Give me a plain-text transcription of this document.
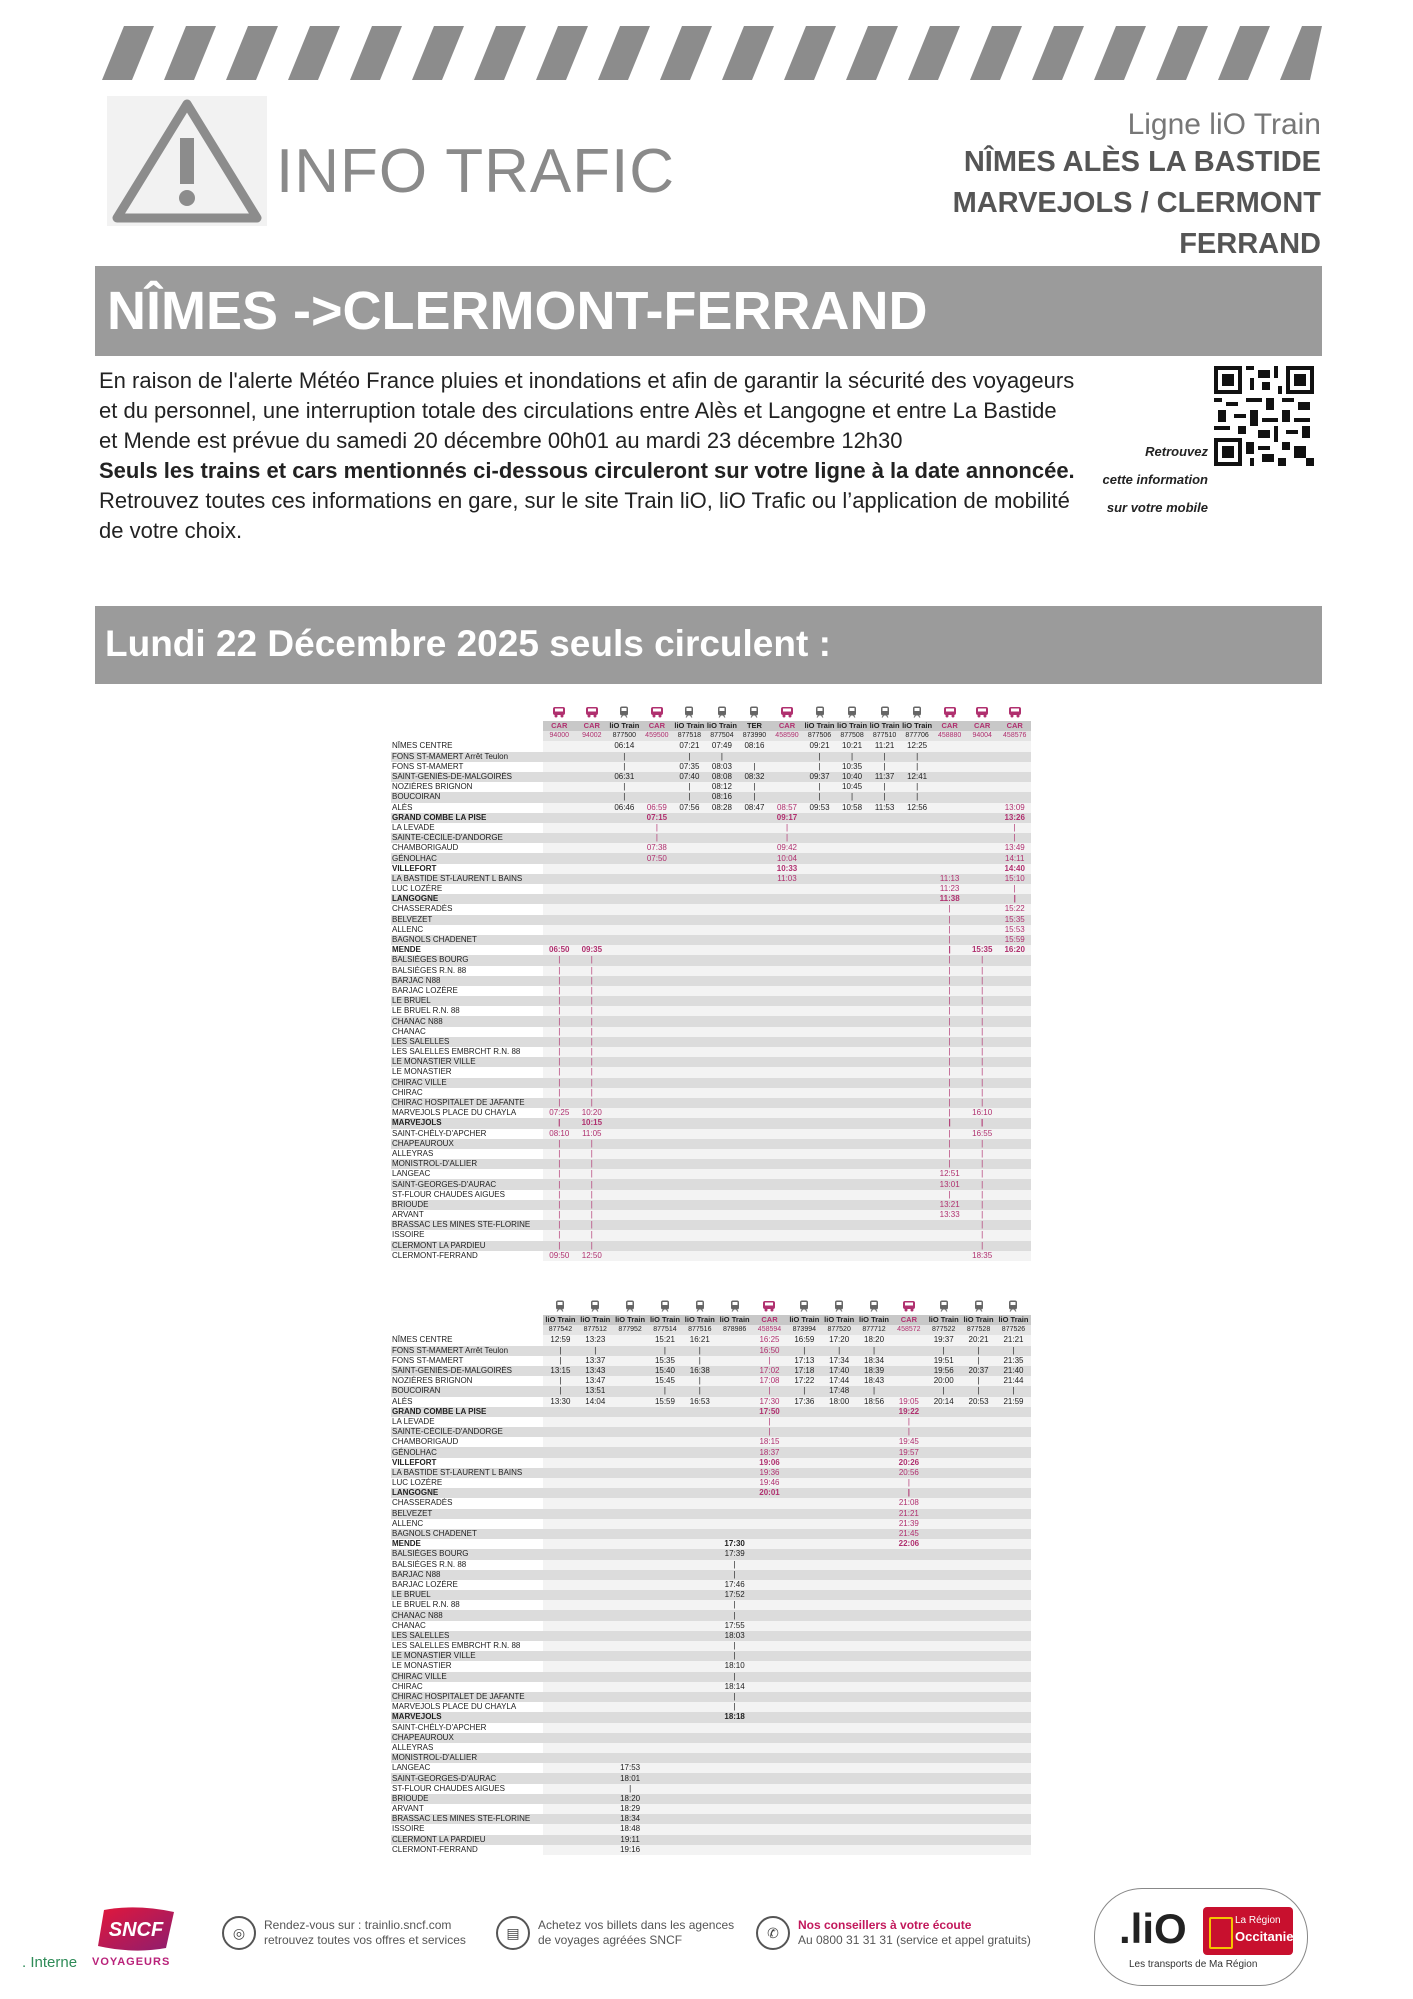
INFO TRAFIC
Ligne liO Train
NÎMES ALÈS LA BASTIDE MARVEJOLS / CLERMONT FERRAND
NÎMES ->CLERMONT-FERRAND

En raison de l'alerte Météo France pluies et inondations et afin de garantir la sécurité des voyageurs et du personnel, une interruption totale des circulations entre Alès et Langogne et entre La Bastide et Mende est prévue du samedi 20 décembre 00h01 au mardi 23 décembre 12h30

Seuls les trains et cars mentionnés ci-dessous circuleront sur votre ligne à la date annoncée.

Retrouvez toutes ces informations en gare, sur le site Train liO, liO Trafic ou l’application de mobilité de votre choix.

Retrouvez
cette information
sur votre mobile
Lundi 22 Décembre 2025 seuls circulent :

	CAR	CAR	liO Train	CAR	liO Train	liO Train	TER	CAR	liO Train	liO Train	liO Train	liO Train	CAR	CAR	CAR
	94000	94002	877500	459500	877518	877504	873990	458590	877506	877508	877510	877706	458880	94004	458576
NÎMES CENTRE			06:14		07:21	07:49	08:16		09:21	10:21	11:21	12:25			
FONS ST-MAMERT Arrêt Teulon			|		|	|			|	|	|	|			
FONS ST-MAMERT			|		07:35	08:03	|		|	10:35	|	|			
SAINT-GENIÈS-DE-MALGOIRÈS			06:31		07:40	08:08	08:32		09:37	10:40	11:37	12:41			
NOZIÈRES BRIGNON			|		|	08:12	|		|	10:45	|	|			
BOUCOIRAN			|		|	08:16	|		|	|	|	|			
ALÈS			06:46	06:59	07:56	08:28	08:47	08:57	09:53	10:58	11:53	12:56			13:09
GRAND COMBE LA PISE				07:15				09:17							13:26
LA LEVADE				|				|							|
SAINTE-CÉCILE-D'ANDORGE				|				|							|
CHAMBORIGAUD				07:38				09:42							13:49
GÉNOLHAC				07:50				10:04							14:11
VILLEFORT								10:33							14:40
LA BASTIDE ST-LAURENT L BAINS								11:03					11:13		15:10
LUC LOZÈRE													11:23		|
LANGOGNE													11:38		|
CHASSERADÈS													|		15:22
BELVEZET													|		15:35
ALLENC													|		15:53
BAGNOLS CHADENET													|		15:59
MENDE	06:50	09:35											|	15:35	16:20
BALSIÈGES BOURG	|	|											|	|	
BALSIÈGES R.N. 88	|	|											|	|	
BARJAC N88	|	|											|	|	
BARJAC LOZÈRE	|	|											|	|	
LE BRUEL	|	|											|	|	
LE BRUEL R.N. 88	|	|											|	|	
CHANAC N88	|	|											|	|	
CHANAC	|	|											|	|	
LES SALELLES	|	|											|	|	
LES SALELLES EMBRCHT R.N. 88	|	|											|	|	
LE MONASTIER VILLE	|	|											|	|	
LE MONASTIER	|	|											|	|	
CHIRAC VILLE	|	|											|	|	
CHIRAC	|	|											|	|	
CHIRAC HOSPITALET DE JAFANTE	|	|											|	|	
MARVEJOLS PLACE DU CHAYLA	07:25	10:20											|	16:10	
MARVEJOLS	|	10:15											|	|	
SAINT-CHÉLY-D'APCHER	08:10	11:05											|	16:55	
CHAPEAUROUX	|	|											|	|	
ALLEYRAS	|	|											|	|	
MONISTROL-D'ALLIER	|	|											|	|	
LANGEAC	|	|											12:51	|	
SAINT-GEORGES-D'AURAC	|	|											13:01	|	
ST-FLOUR CHAUDES AIGUES	|	|											|	|	
BRIOUDE	|	|											13:21	|	
ARVANT	|	|											13:33	|	
BRASSAC LES MINES STE-FLORINE	|	|												|	
ISSOIRE	|	|												|	
CLERMONT LA PARDIEU	|	|												|	
CLERMONT-FERRAND	09:50	12:50												18:35	

	liO Train	liO Train	liO Train	liO Train	liO Train	liO Train	CAR	liO Train	liO Train	liO Train	CAR	liO Train	liO Train	liO Train
	877542	877512	877952	877514	877516	878986	458594	873994	877520	877712	458572	877522	877528	877526
NÎMES CENTRE	12:59	13:23		15:21	16:21		16:25	16:59	17:20	18:20		19:37	20:21	21:21
FONS ST-MAMERT Arrêt Teulon	|	|		|	|		16:50	|	|	|		|	|	|
FONS ST-MAMERT	|	13:37		15:35	|		|	17:13	17:34	18:34		19:51	|	21:35
SAINT-GENIÈS-DE-MALGOIRÈS	13:15	13:43		15:40	16:38		17:02	17:18	17:40	18:39		19:56	20:37	21:40
NOZIÈRES BRIGNON	|	13:47		15:45	|		17:08	17:22	17:44	18:43		20:00	|	21:44
BOUCOIRAN	|	13:51		|	|		|	|	17:48	|		|	|	|
ALÈS	13:30	14:04		15:59	16:53		17:30	17:36	18:00	18:56	19:05	20:14	20:53	21:59
GRAND COMBE LA PISE							17:50				19:22			
LA LEVADE							|				|			
SAINTE-CÉCILE-D'ANDORGE							|				|			
CHAMBORIGAUD							18:15				19:45			
GÉNOLHAC							18:37				19:57			
VILLEFORT							19:06				20:26			
LA BASTIDE ST-LAURENT L BAINS							19:36				20:56			
LUC LOZÈRE							19:46				|			
LANGOGNE							20:01				|			
CHASSERADÈS											21:08			
BELVEZET											21:21			
ALLENC											21:39			
BAGNOLS CHADENET											21:45			
MENDE						17:30					22:06			
BALSIÈGES BOURG						17:39								
BALSIÈGES R.N. 88						|								
BARJAC N88						|								
BARJAC LOZÈRE						17:46								
LE BRUEL						17:52								
LE BRUEL R.N. 88						|								
CHANAC N88						|								
CHANAC						17:55								
LES SALELLES						18:03								
LES SALELLES EMBRCHT R.N. 88						|								
LE MONASTIER VILLE						|								
LE MONASTIER						18:10								
CHIRAC VILLE						|								
CHIRAC						18:14								
CHIRAC HOSPITALET DE JAFANTE						|								
MARVEJOLS PLACE DU CHAYLA						|								
MARVEJOLS						18:18								
SAINT-CHÉLY-D'APCHER														
CHAPEAUROUX														
ALLEYRAS														
MONISTROL-D'ALLIER														
LANGEAC			17:53											
SAINT-GEORGES-D'AURAC			18:01											
ST-FLOUR CHAUDES AIGUES			|											
BRIOUDE			18:20											
ARVANT			18:29											
BRASSAC LES MINES STE-FLORINE			18:34											
ISSOIRE			18:48											
CLERMONT LA PARDIEU			19:11											
CLERMONT-FERRAND			19:16											
SNCF
VOYAGEURS
◎	Rendez-vous sur : trainlio.sncf.com
retrouvez toutes vos offres et services	▤	Achetez vos billets dans les agences
de voyages agréées SNCF	✆	Nos conseillers à votre écoute
Au 0800 31 31 31 (service et appel gratuits) .liO	La Région
Occitanie
Les transports de Ma Région
. Interne
